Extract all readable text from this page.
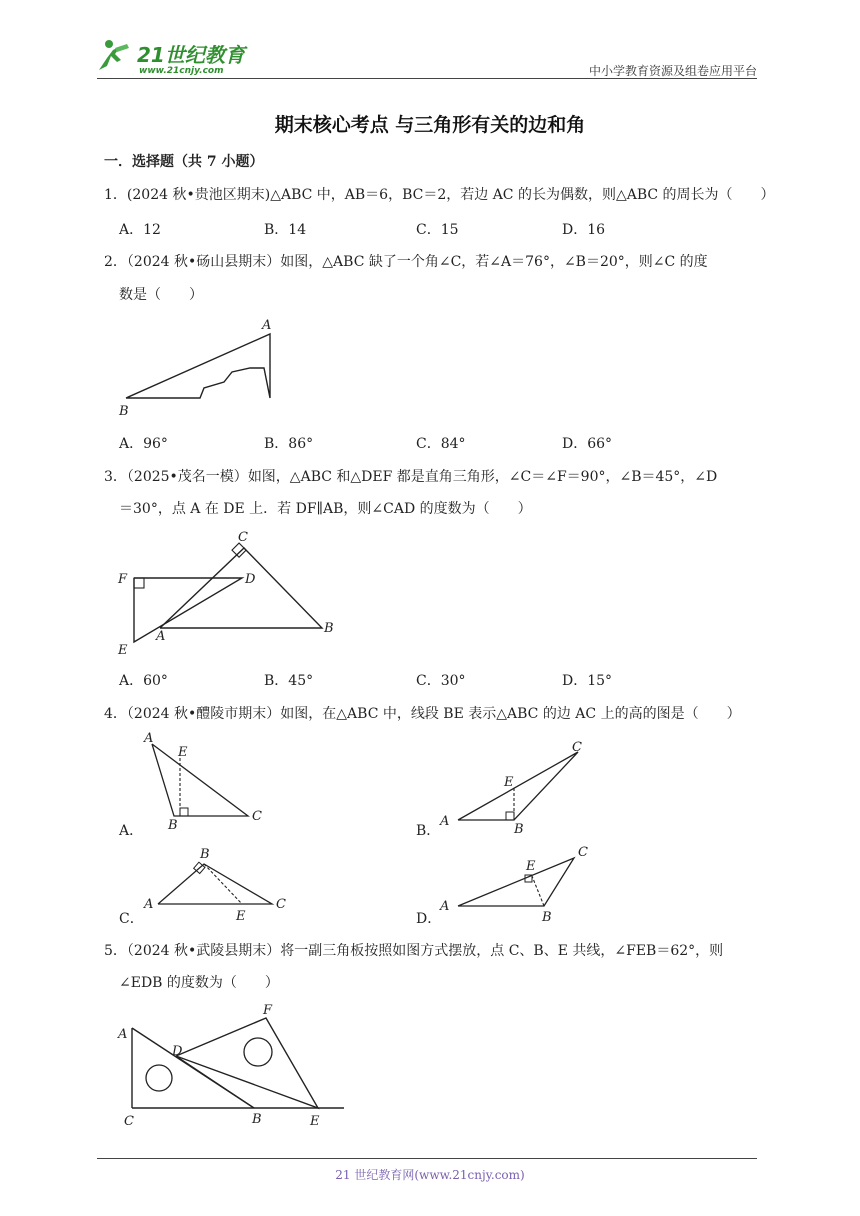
21世纪教育
www.21cnjy.com	中小学教育资源及组卷应用平台
期末核心考点 与三角形有关的边和角
一．选择题（共 7 小题）
1．(2024 秋•贵池区期末)△ABC 中，AB＝6，BC＝2，若边 AC 的长为偶数，则△ABC 的周长为（　　）
A．12	B．14	C．15	D．16
2．（2024 秋•砀山县期末）如图，△ABC 缺了一个角∠C，若∠A＝76°，∠B＝20°，则∠C 的度
数是（　　）
A
B
A．96°	B．86°	C．84°	D．66°
3．（2025•茂名一模）如图，△ABC 和△DEF 都是直角三角形，∠C＝∠F＝90°，∠B＝45°，∠D
＝30°，点 A 在 DE 上．若 DF∥AB，则∠CAD 的度数为（　　）
C
F	D
E
A
B
A．60°	B．45°	C．30°	D．15°
4．（2024 秋•醴陵市期末）如图，在△ABC 中，线段 BE 表示△ABC 的边 AC 上的高的图是（　　）
A．
A
E
B
C
B．
A
E
B
C
C．
A
B
E
C
D．
A
E
B
C
5．（2024 秋•武陵县期末）将一副三角板按照如图方式摆放，点 C、B、E 共线，∠FEB＝62°，则
∠EDB 的度数为（　　）
A
F
D
C	B	E
21 世纪教育网(www.21cnjy.com)
